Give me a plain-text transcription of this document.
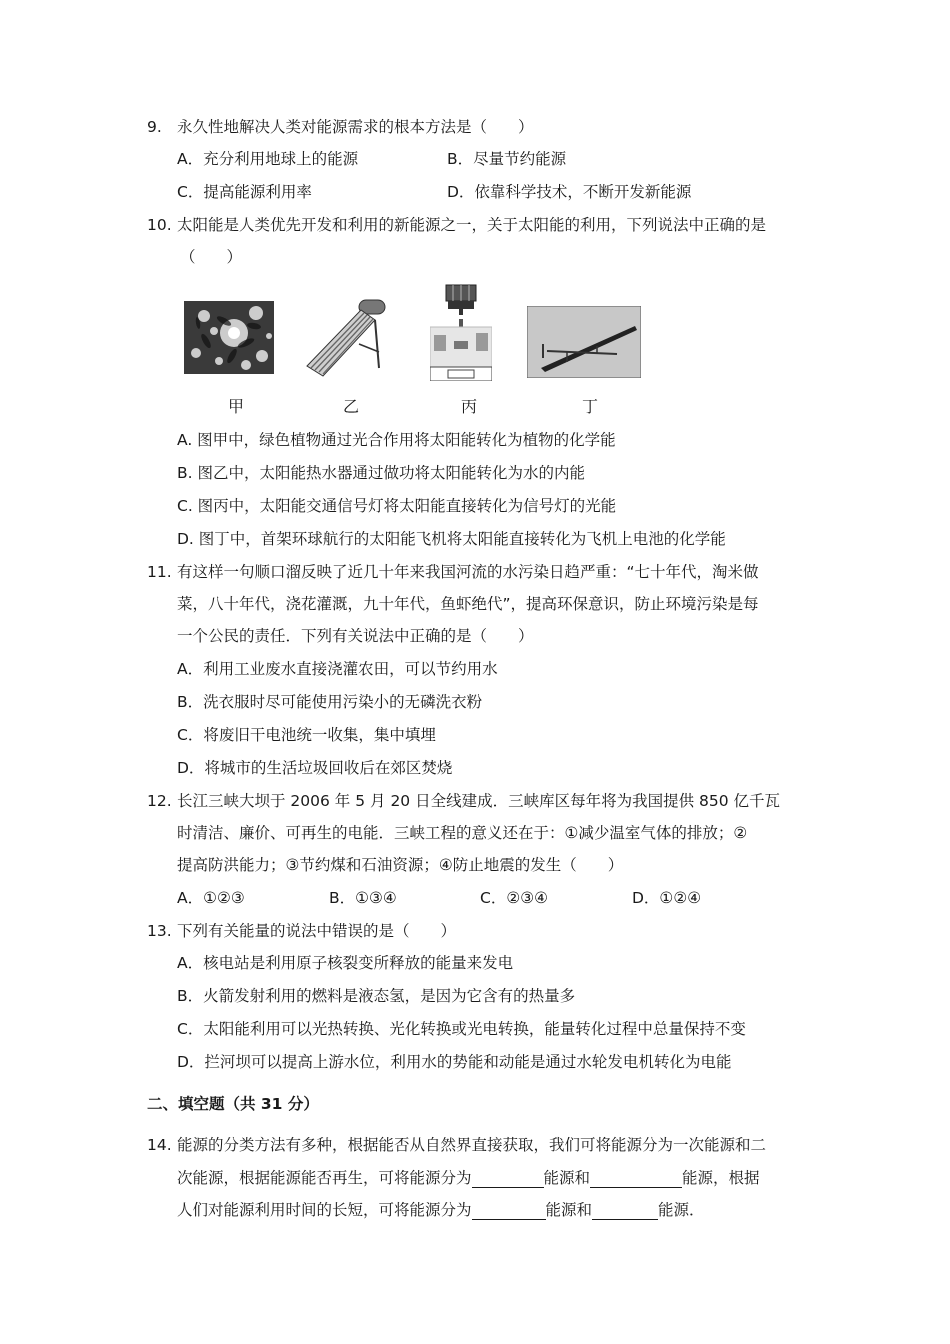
9. 永久性地解决人类对能源需求的根本方法是（　　）
A．充分利用地球上的能源	B．尽量节约能源
C．提高能源利用率	D．依靠科学技术，不断开发新能源
10. 太阳能是人类优先开发和利用的新能源之一，关于太阳能的利用，下列说法中正确的是
（　　）
甲	乙	丙	丁
A. 图甲中，绿色植物通过光合作用将太阳能转化为植物的化学能
B. 图乙中，太阳能热水器通过做功将太阳能转化为水的内能
C. 图丙中，太阳能交通信号灯将太阳能直接转化为信号灯的光能
D. 图丁中，首架环球航行的太阳能飞机将太阳能直接转化为飞机上电池的化学能
11. 有这样一句顺口溜反映了近几十年来我国河流的水污染日趋严重：“七十年代，淘米做
菜，八十年代，浇花灌溉，九十年代，鱼虾绝代”，提高环保意识，防止环境污染是每
一个公民的责任．下列有关说法中正确的是（　　）
A．利用工业废水直接浇灌农田，可以节约用水
B．洗衣服时尽可能使用污染小的无磷洗衣粉
C．将废旧干电池统一收集，集中填埋
D．将城市的生活垃圾回收后在郊区焚烧
12. 长江三峡大坝于 2006 年 5 月 20 日全线建成．三峡库区每年将为我国提供 850 亿千瓦
时清洁、廉价、可再生的电能．三峡工程的意义还在于：①减少温室气体的排放；②
提高防洪能力；③节约煤和石油资源；④防止地震的发生（　　）
A．①②③	B．①③④	C．②③④	D．①②④
13. 下列有关能量的说法中错误的是（　　）
A．核电站是利用原子核裂变所释放的能量来发电
B．火箭发射利用的燃料是液态氢，是因为它含有的热量多
C．太阳能利用可以光热转换、光化转换或光电转换，能量转化过程中总量保持不变
D．拦河坝可以提高上游水位，利用水的势能和动能是通过水轮发电机转化为电能
二、填空题（共 31 分）
14. 能源的分类方法有多种，根据能否从自然界直接获取，我们可将能源分为一次能源和二
次能源，根据能源能否再生，可将能源分为	能源和	能源，根据
人们对能源利用时间的长短，可将能源分为	能源和	能源．
